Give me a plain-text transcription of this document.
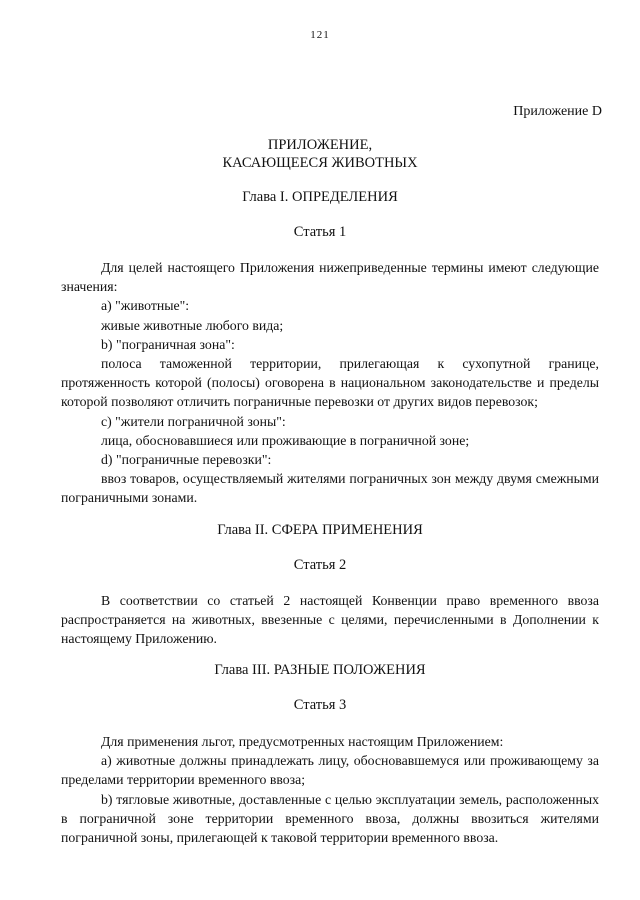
121
Приложение D
ПРИЛОЖЕНИЕ,
КАСАЮЩЕЕСЯ ЖИВОТНЫХ
Глава I. ОПРЕДЕЛЕНИЯ
Статья 1

Для целей настоящего Приложения нижеприведенные термины имеют следующие значения:

a) "животные":

живые животные любого вида;

b) "пограничная зона":

полоса таможенной территории, прилегающая к сухопутной границе, протяженность которой (полосы) оговорена в национальном законодательстве и пределы которой позволяют отличить пограничные перевозки от других видов перевозок;

c) "жители пограничной зоны":

лица, обосновавшиеся или проживающие в пограничной зоне;

d) "пограничные перевозки":

ввоз товаров, осуществляемый жителями пограничных зон между двумя смежными пограничными зонами.

Глава II. СФЕРА ПРИМЕНЕНИЯ
Статья 2

В соответствии со статьей 2 настоящей Конвенции право временного ввоза распространяется на животных, ввезенные с целями, перечисленными в Дополнении к настоящему Приложению.

Глава III. РАЗНЫЕ ПОЛОЖЕНИЯ
Статья 3

Для применения льгот, предусмотренных настоящим Приложением:

a) животные должны принадлежать лицу, обосновавшемуся или проживающему за пределами территории временного ввоза;

b) тягловые животные, доставленные с целью эксплуатации земель, расположенных в пограничной зоне территории временного ввоза, должны ввозиться жителями пограничной зоны, прилегающей к таковой территории временного ввоза.
